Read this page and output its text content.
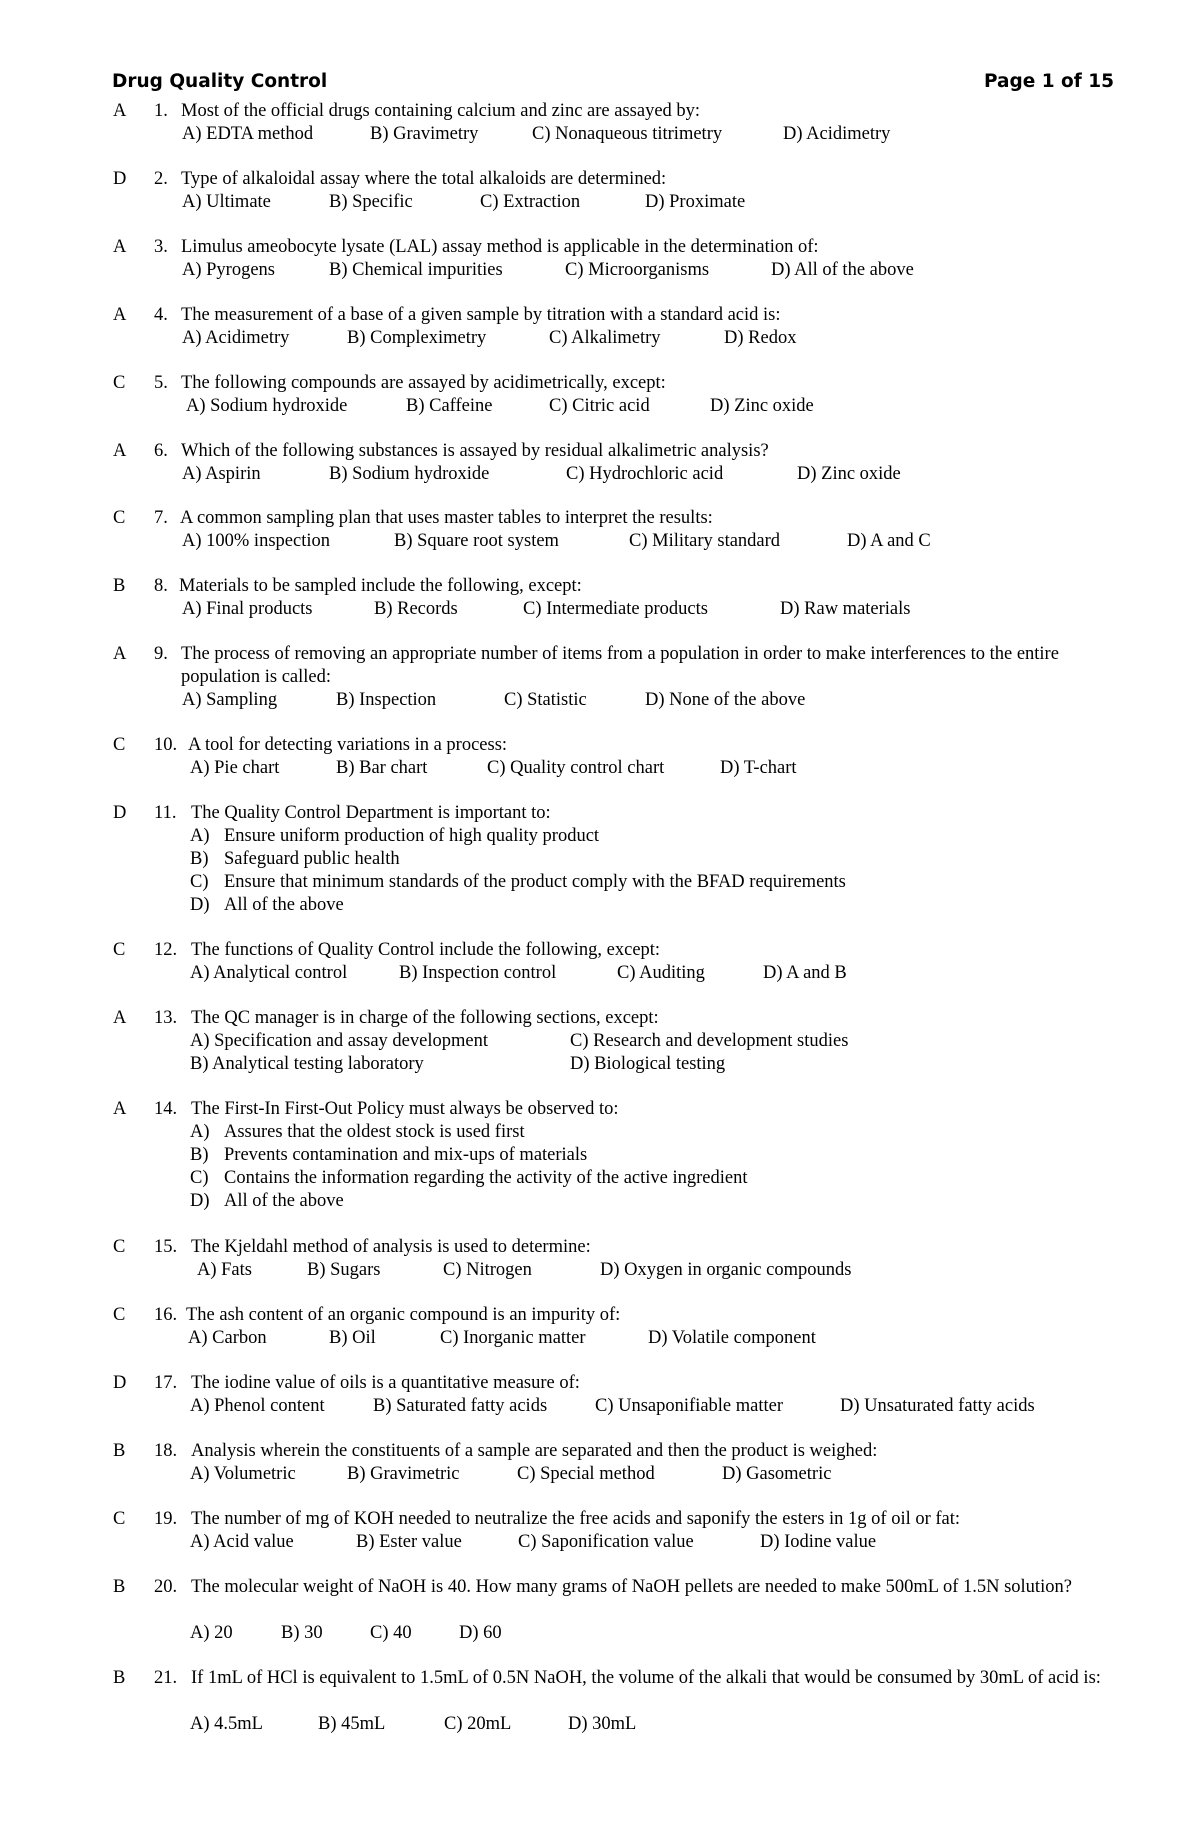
Drug Quality Control	Page 1 of 15
A 1. Most of the official drugs containing calcium and zinc are assayed by:
A) EDTA method	B) Gravimetry	C) Nonaqueous titrimetry	D) Acidimetry
D 2. Type of alkaloidal assay where the total alkaloids are determined:
A) Ultimate	B) Specific	C) Extraction	D) Proximate
A 3. Limulus ameobocyte lysate (LAL) assay method is applicable in the determination of:
A) Pyrogens	B) Chemical impurities	C) Microorganisms	D) All of the above
A 4. The measurement of a base of a given sample by titration with a standard acid is:
A) Acidimetry	B) Compleximetry	C) Alkalimetry	D) Redox
C 5. The following compounds are assayed by acidimetrically, except:
A) Sodium hydroxide	B) Caffeine	C) Citric acid	D) Zinc oxide
A 6. Which of the following substances is assayed by residual alkalimetric analysis?
A) Aspirin	B) Sodium hydroxide	C) Hydrochloric acid	D) Zinc oxide
C 7. A common sampling plan that uses master tables to interpret the results:
A) 100% inspection	B) Square root system	C) Military standard	D) A and C
B 8. Materials to be sampled include the following, except:
A) Final products	B) Records	C) Intermediate products	D) Raw materials
A 9. The process of removing an appropriate number of items from a population in order to make interferences to the entire population is called:
A) Sampling	B) Inspection	C) Statistic	D) None of the above
C 10. A tool for detecting variations in a process:
A) Pie chart	B) Bar chart	C) Quality control chart	D) T-chart
D 11. The Quality Control Department is important to:
A) Ensure uniform production of high quality product
B) Safeguard public health
C) Ensure that minimum standards of the product comply with the BFAD requirements
D) All of the above
C 12. The functions of Quality Control include the following, except:
A) Analytical control	B) Inspection control	C) Auditing	D) A and B
A 13. The QC manager is in charge of the following sections, except:
A) Specification and assay development	C) Research and development studies
B) Analytical testing laboratory	D) Biological testing
A 14. The First-In First-Out Policy must always be observed to:
A) Assures that the oldest stock is used first
B) Prevents contamination and mix-ups of materials
C) Contains the information regarding the activity of the active ingredient
D) All of the above
C 15. The Kjeldahl method of analysis is used to determine:
A) Fats	B) Sugars	C) Nitrogen	D) Oxygen in organic compounds
C 16. The ash content of an organic compound is an impurity of:
A) Carbon	B) Oil	C) Inorganic matter	D) Volatile component
D 17. The iodine value of oils is a quantitative measure of:
A) Phenol content	B) Saturated fatty acids	C) Unsaponifiable matter	D) Unsaturated fatty acids
B 18. Analysis wherein the constituents of a sample are separated and then the product is weighed:
A) Volumetric	B) Gravimetric	C) Special method	D) Gasometric
C 19. The number of mg of KOH needed to neutralize the free acids and saponify the esters in 1g of oil or fat:
A) Acid value	B) Ester value	C) Saponification value	D) Iodine value
B 20. The molecular weight of NaOH is 40. How many grams of NaOH pellets are needed to make 500mL of 1.5N solution?
A) 20	B) 30	C) 40	D) 60
B 21. If 1mL of HCl is equivalent to 1.5mL of 0.5N NaOH, the volume of the alkali that would be consumed by 30mL of acid is:
A) 4.5mL	B) 45mL	C) 20mL	D) 30mL
